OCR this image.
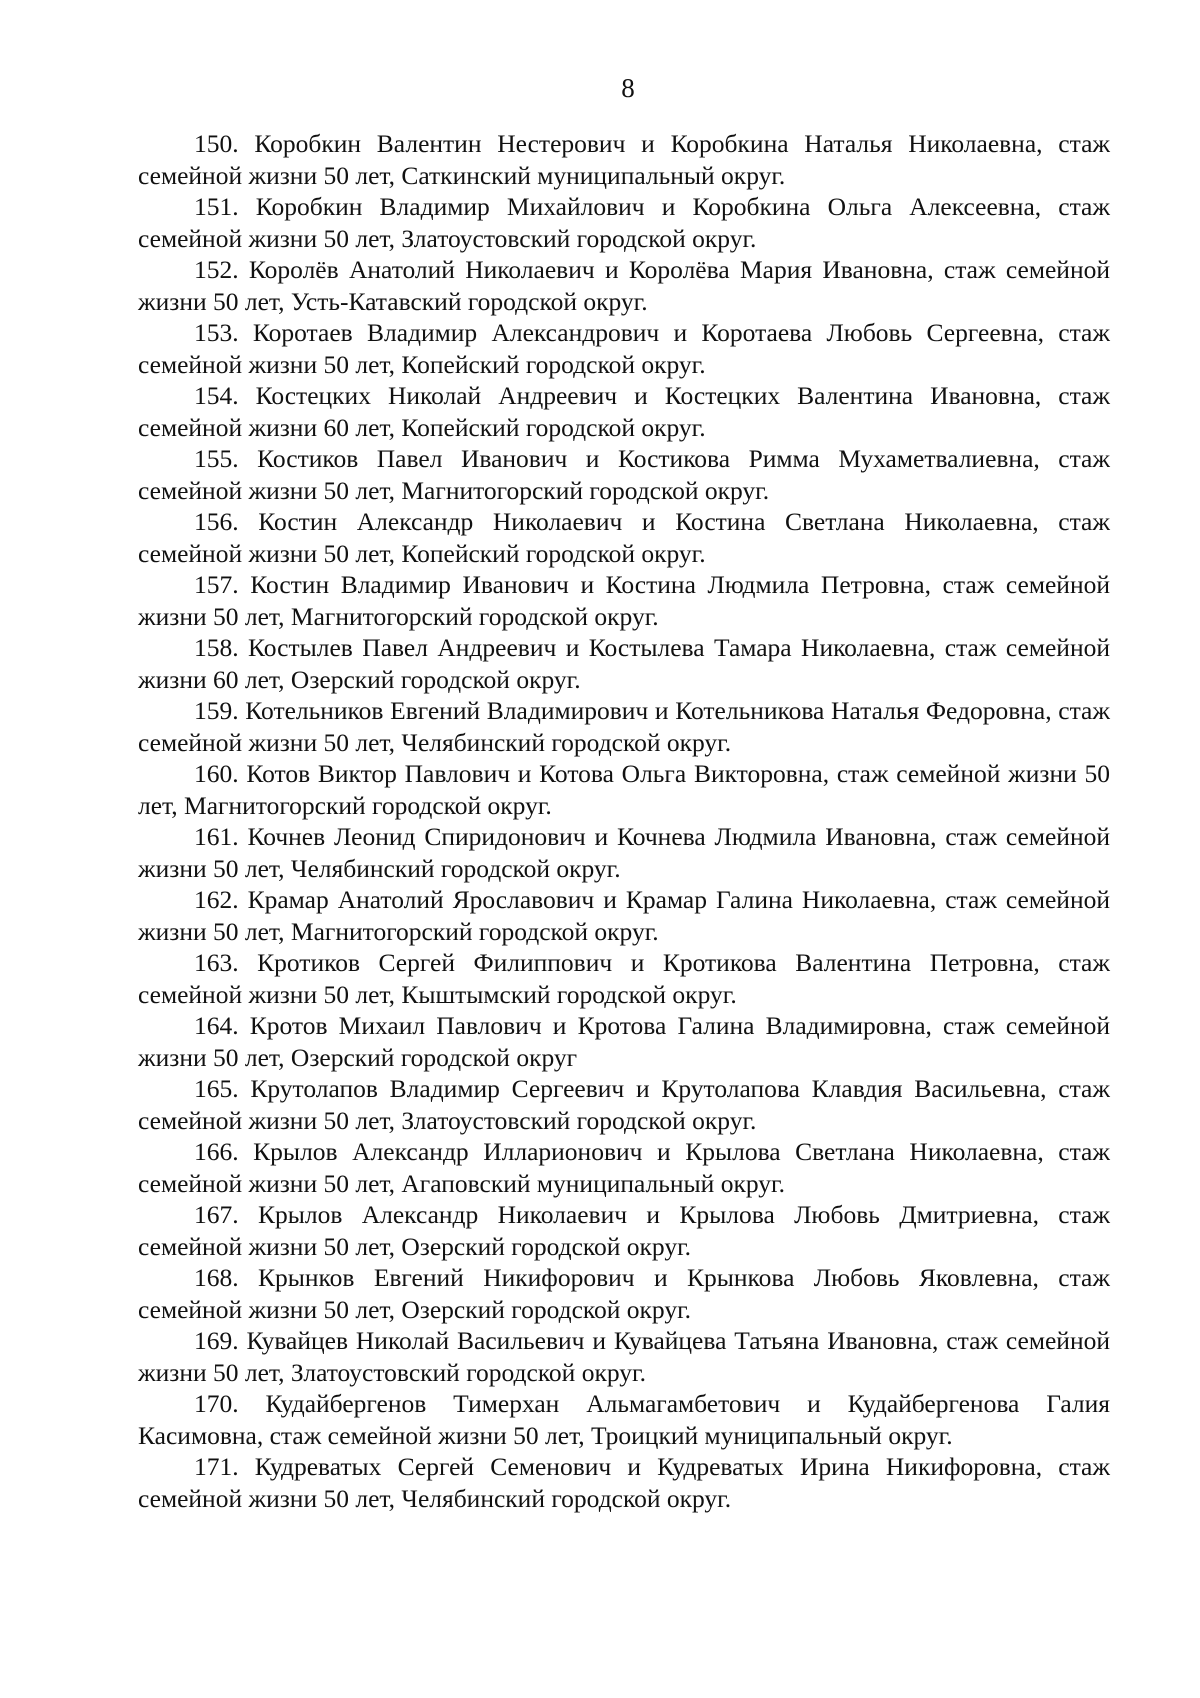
8

150. Коробкин Валентин Нестерович и Коробкина Наталья Николаевна, стаж семейной жизни 50 лет, Саткинский муниципальный округ.

151. Коробкин Владимир Михайлович и Коробкина Ольга Алексеевна, стаж семейной жизни 50 лет, Златоустовский городской округ.

152. Королёв Анатолий Николаевич и Королёва Мария Ивановна, стаж семейной жизни 50 лет, Усть-Катавский городской округ.

153. Коротаев Владимир Александрович и Коротаева Любовь Сергеевна, стаж семейной жизни 50 лет, Копейский городской округ.

154. Костецких Николай Андреевич и Костецких Валентина Ивановна, стаж семейной жизни 60 лет, Копейский городской округ.

155. Костиков Павел Иванович и Костикова Римма Мухаметвалиевна, стаж семейной жизни 50 лет, Магнитогорский городской округ.

156. Костин Александр Николаевич и Костина Светлана Николаевна, стаж семейной жизни 50 лет, Копейский городской округ.

157. Костин Владимир Иванович и Костина Людмила Петровна, стаж семейной жизни 50 лет, Магнитогорский городской округ.

158. Костылев Павел Андреевич и Костылева Тамара Николаевна, стаж семейной жизни 60 лет, Озерский городской округ.

159. Котельников Евгений Владимирович и Котельникова Наталья Федоровна, стаж семейной жизни 50 лет, Челябинский городской округ.

160. Котов Виктор Павлович и Котова Ольга Викторовна, стаж семейной жизни 50 лет, Магнитогорский городской округ.

161. Кочнев Леонид Спиридонович и Кочнева Людмила Ивановна, стаж семейной жизни 50 лет, Челябинский городской округ.

162. Крамар Анатолий Ярославович и Крамар Галина Николаевна, стаж семейной жизни 50 лет, Магнитогорский городской округ.

163. Кротиков Сергей Филиппович и Кротикова Валентина Петровна, стаж семейной жизни 50 лет, Кыштымский городской округ.

164. Кротов Михаил Павлович и Кротова Галина Владимировна, стаж семейной жизни 50 лет, Озерский городской округ

165. Крутолапов Владимир Сергеевич и Крутолапова Клавдия Васильевна, стаж семейной жизни 50 лет, Златоустовский городской округ.

166. Крылов Александр Илларионович и Крылова Светлана Николаевна, стаж семейной жизни 50 лет, Агаповский муниципальный округ.

167. Крылов Александр Николаевич и Крылова Любовь Дмитриевна, стаж семейной жизни 50 лет, Озерский городской округ.

168. Крынков Евгений Никифорович и Крынкова Любовь Яковлевна, стаж семейной жизни 50 лет, Озерский городской округ.

169. Кувайцев Николай Васильевич и Кувайцева Татьяна Ивановна, стаж семейной жизни 50 лет, Златоустовский городской округ.

170. Кудайбергенов Тимерхан Альмагамбетович и Кудайбергенова Галия Касимовна, стаж семейной жизни 50 лет, Троицкий муниципальный округ.

171. Кудреватых Сергей Семенович и Кудреватых Ирина Никифоровна, стаж семейной жизни 50 лет, Челябинский городской округ.
